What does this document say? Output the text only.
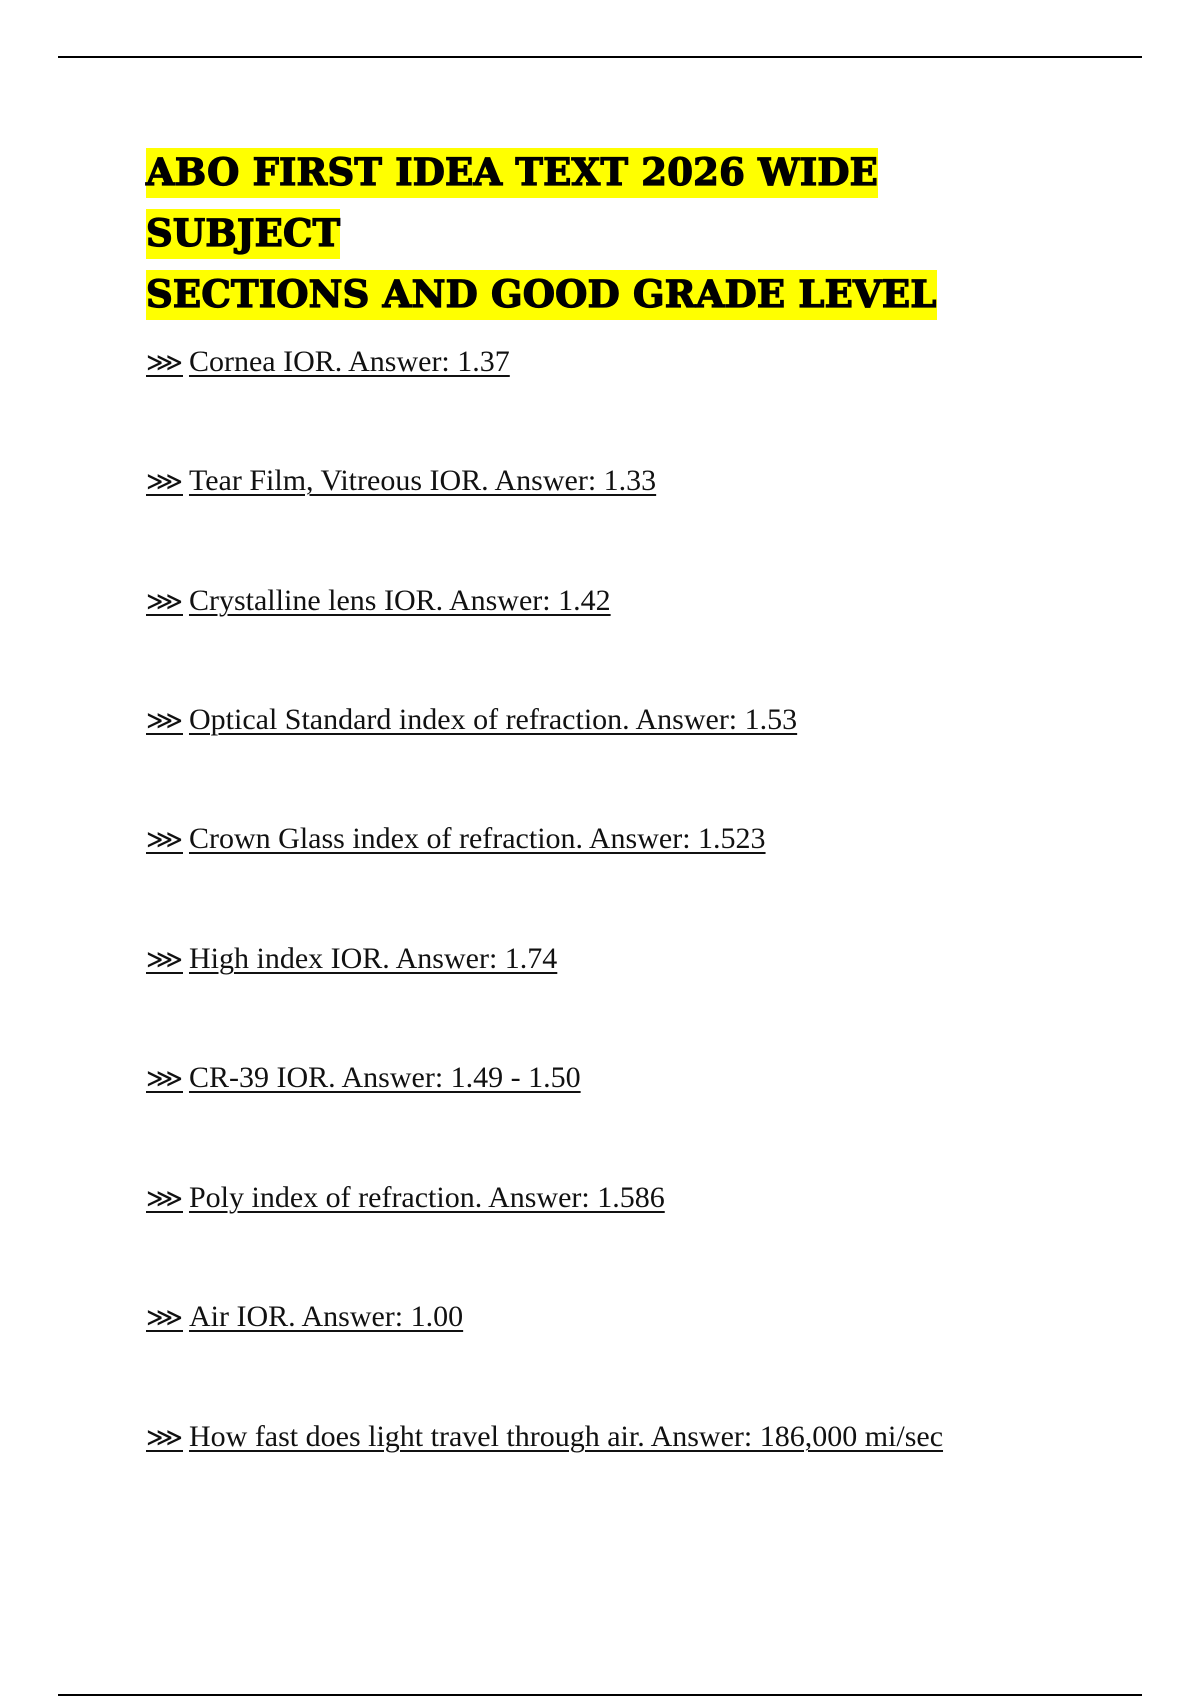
ABO FIRST IDEA TEXT 2026 WIDE SUBJECT
SECTIONS AND GOOD GRADE LEVEL
⋙ Cornea IOR. Answer: 1.37
⋙ Tear Film, Vitreous IOR. Answer: 1.33
⋙ Crystalline lens IOR. Answer: 1.42
⋙ Optical Standard index of refraction. Answer: 1.53
⋙ Crown Glass index of refraction. Answer: 1.523
⋙ High index IOR. Answer: 1.74
⋙ CR-39 IOR. Answer: 1.49 - 1.50
⋙ Poly index of refraction. Answer: 1.586
⋙ Air IOR. Answer: 1.00
⋙ How fast does light travel through air. Answer: 186,000 mi/sec
